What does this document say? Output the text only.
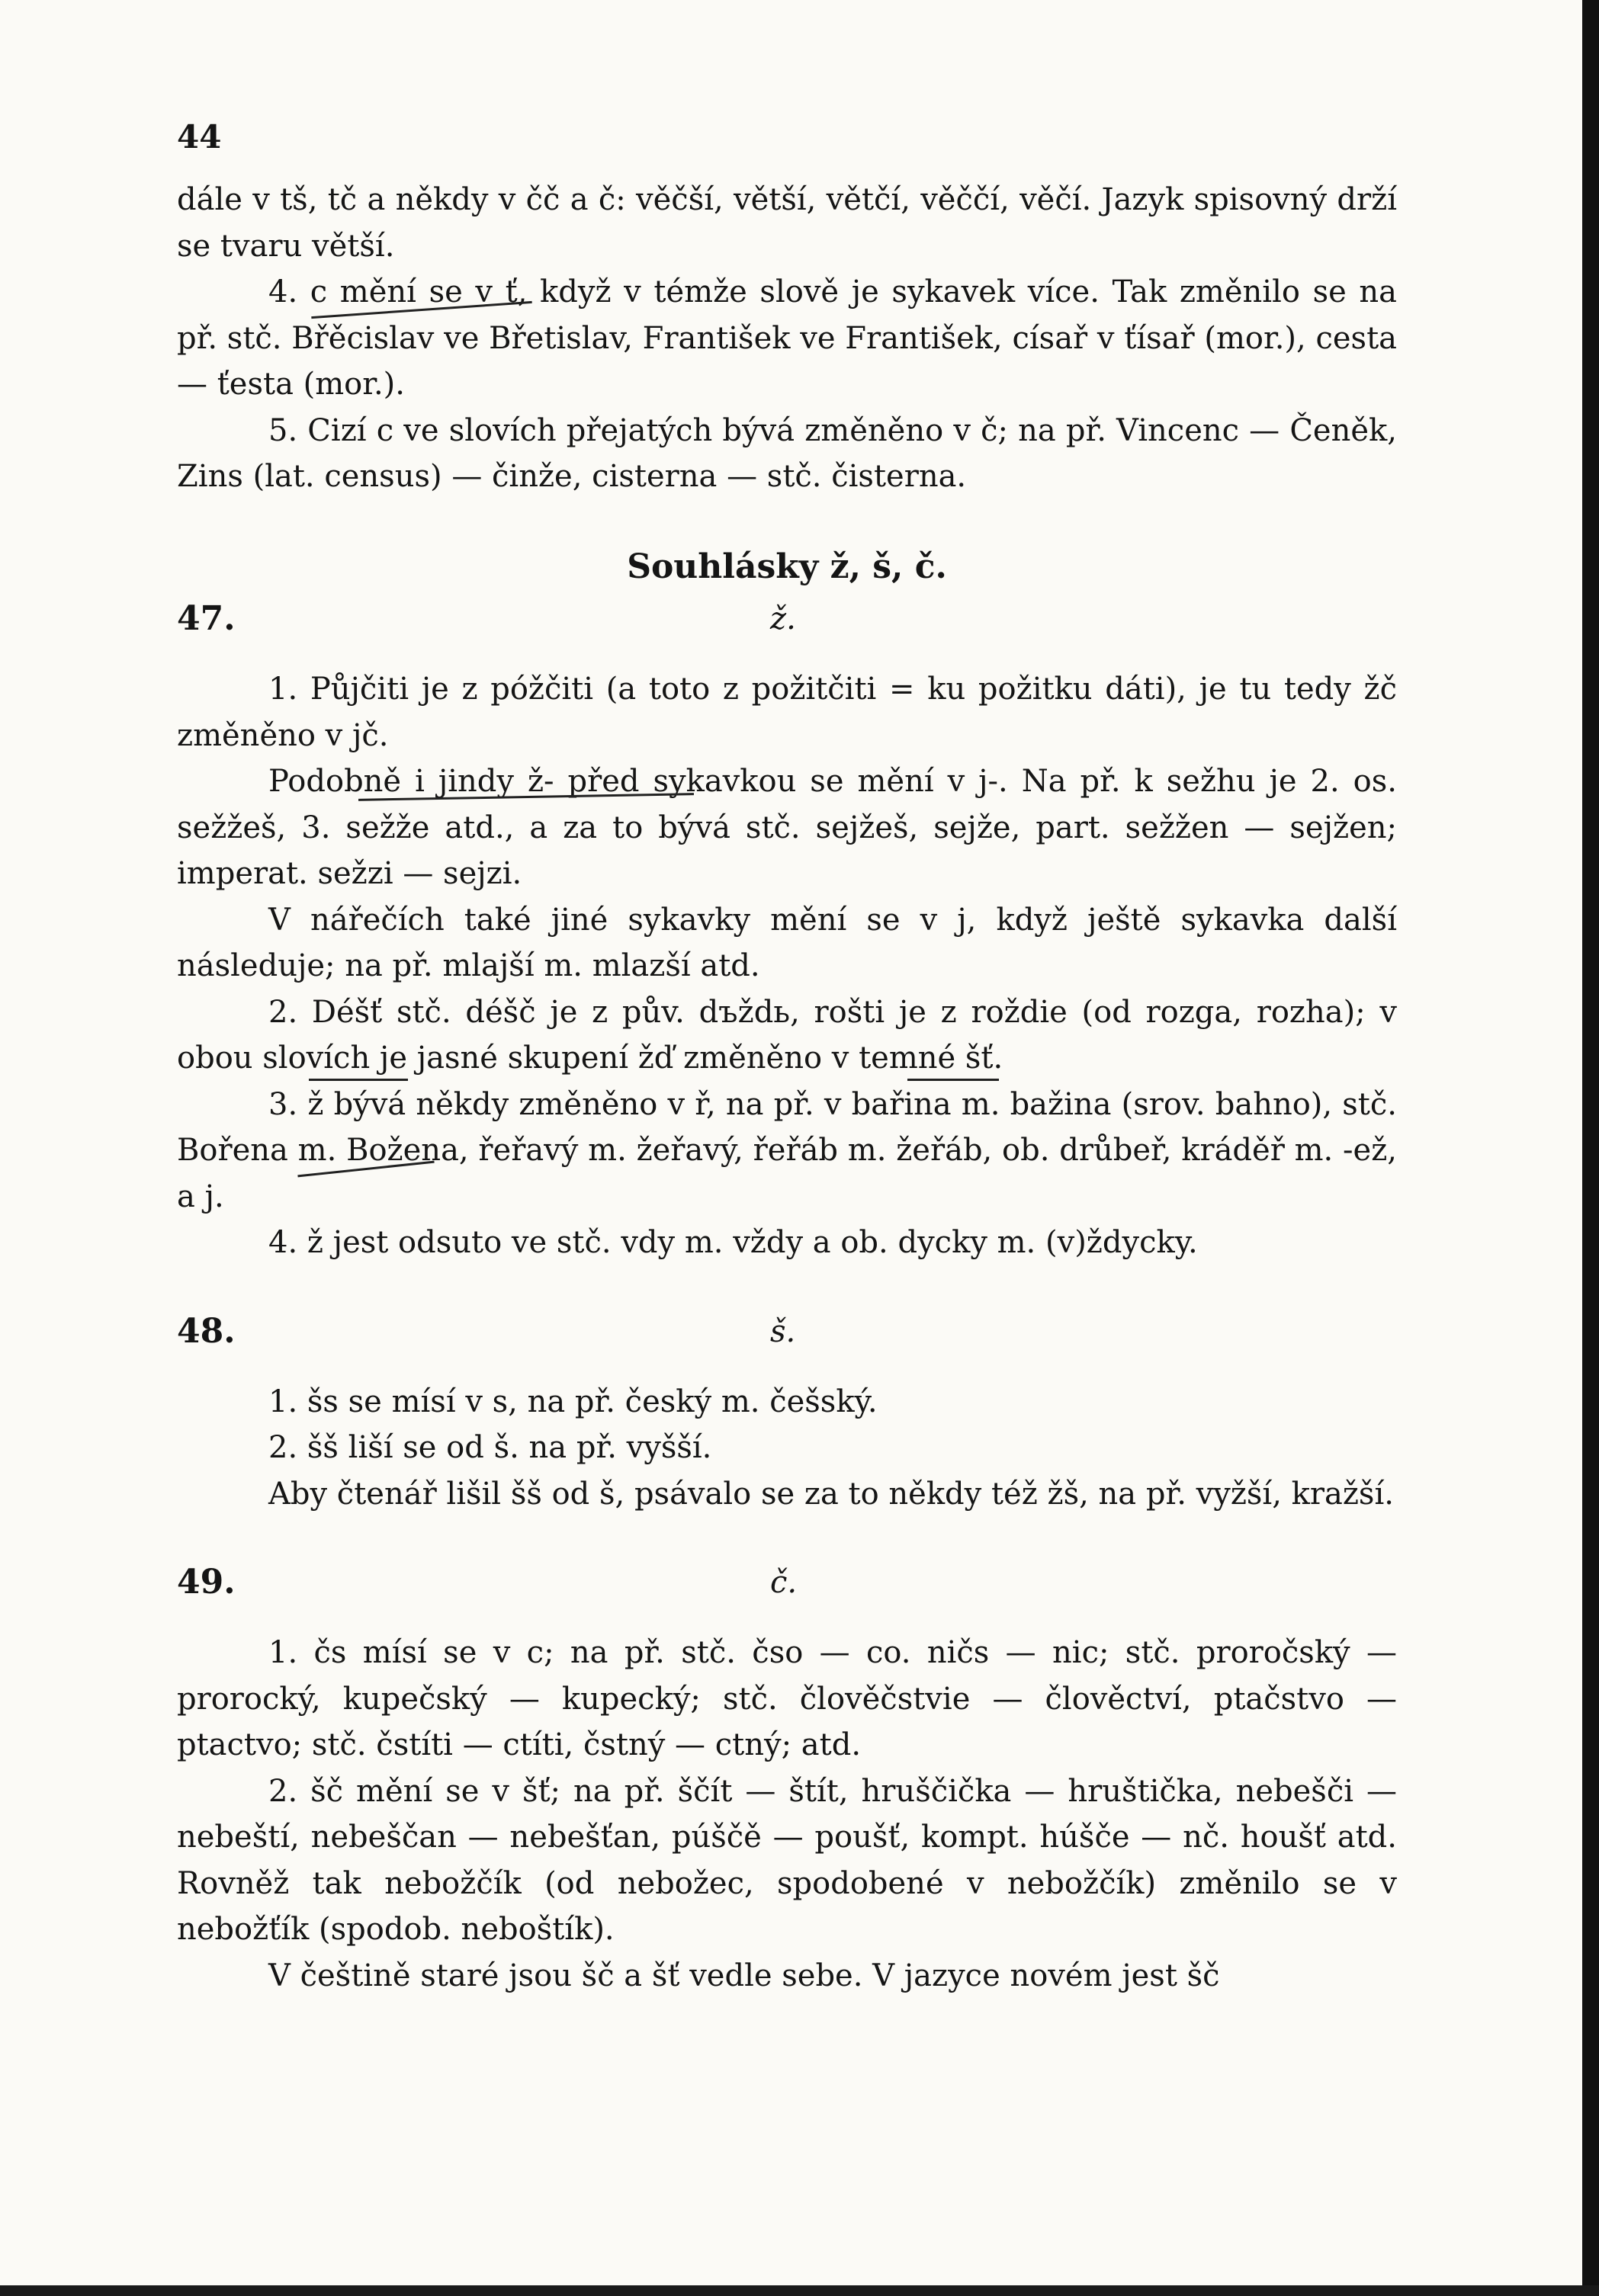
44

dále v tš, tč a někdy v čč a č: věčší, větší, větčí, věččí, věčí. Jazyk spisovný drží se tvaru větší.

4. c mění se v ť, když v témže slově je sykavek více. Tak změnilo se na př. stč. Břěcislav ve Břetislav, František ve František, císař v ťísař (mor.), cesta — ťesta (mor.).

5. Cizí c ve slovích přejatých bývá změněno v č; na př. Vincenc — Čeněk, Zins (lat. census) — činže, cisterna — stč. čisterna.

Souhlásky ž, š, č.
47.	ž.

1. Půjčiti je z póžčiti (a toto z požitčiti = ku požitku dáti), je tu tedy žč změněno v jč.

Podobně i jindy ž- před sykavkou se mění v j-. Na př. k sežhu je 2. os. sežžeš, 3. sežže atd., a za to bývá stč. sejžeš, sejže, part. sežžen — sejžen; imperat. sežzi — sejzi.

V nářečích také jiné sykavky mění se v j, když ještě sykavka další následuje; na př. mlajší m. mlazší atd.

2. Déšť stč. déšč je z pův. dъždь, rošti je z roždie (od rozga, rozha); v obou slovích je jasné skupení žď změněno v temné šť.

3. ž bývá někdy změněno v ř, na př. v bařina m. bažina (srov. bahno), stč. Bořena m. Božena, řeřavý m. žeřavý, řeřáb m. žeřáb, ob. drůbeř, kráděř m. -ež, a j.

4. ž jest odsuto ve stč. vdy m. vždy a ob. dycky m. (v)ždycky.

48.	š.

1. šs se mísí v s, na př. český m. češský.

2. šš liší se od š. na př. vyšší.

Aby čtenář lišil šš od š, psávalo se za to někdy též žš, na př. vyžší, kražší.

49.	č.

1. čs mísí se v c; na př. stč. čso — co. ničs — nic; stč. proročský — prorocký, kupečský — kupecký; stč. člověčstvie — člověctví, ptačstvo — ptactvo; stč. čstíti — ctíti, čstný — ctný; atd.

2. šč mění se v šť; na př. ščít — štít, hruščička — hruštička, nebešči — nebeští, nebeščan — nebešťan, púščě — poušť, kompt. húšče — nč. houšť atd. Rovněž tak nebožčík (od nebožec, spodobené v nebožčík) změnilo se v nebožťík (spodob. neboštík).

V češtině staré jsou šč a šť vedle sebe. V jazyce novém jest šč
